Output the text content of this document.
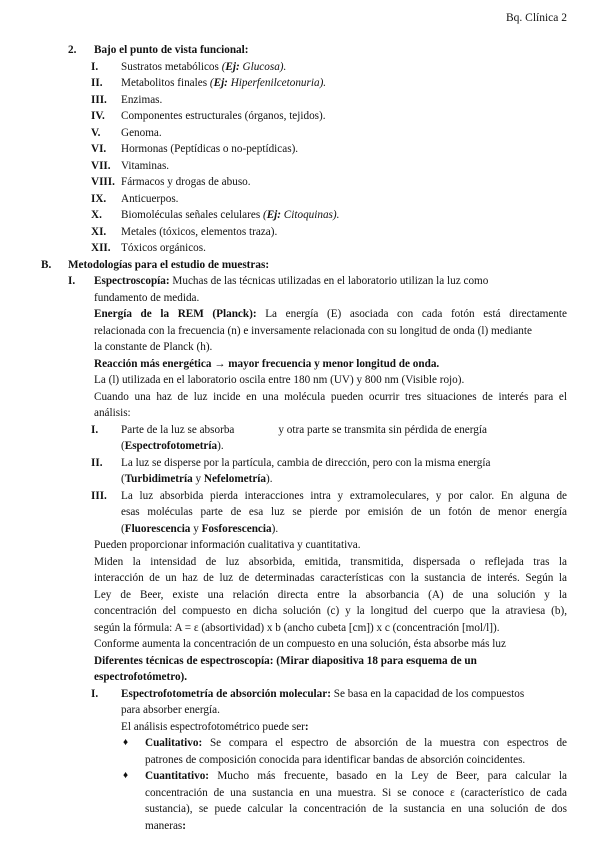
Bq. Clínica 2
2. Bajo el punto de vista funcional:
I. Sustratos metabólicos (Ej: Glucosa).
II. Metabolitos finales (Ej: Hiperfenilcetonuria).
III. Enzimas.
IV. Componentes estructurales (órganos, tejidos).
V. Genoma.
VI. Hormonas (Peptídicas o no-peptídicas).
VII. Vitaminas.
VIII. Fármacos y drogas de abuso.
IX. Anticuerpos.
X. Biomoléculas señales celulares (Ej: Citoquinas).
XI. Metales (tóxicos, elementos traza).
XII. Tóxicos orgánicos.
B. Metodologías para el estudio de muestras:
I. Espectroscopía: Muchas de las técnicas utilizadas en el laboratorio utilizan la luz como
fundamento de medida.
Energía de la REM (Planck): La energía (E) asociada con cada fotón está directamente
relacionada con la frecuencia (n) e inversamente relacionada con su longitud de onda (l) mediante
la constante de Planck (h).
Reacción más energética → mayor frecuencia y menor longitud de onda.
La (l) utilizada en el laboratorio oscila entre 180 nm (UV) y 800 nm (Visible rojo).
Cuando una haz de luz incide en una molécula pueden ocurrir tres situaciones de interés para el
análisis:
I. Parte de la luz se absorba	y otra parte se transmita sin pérdida de energía
(Espectrofotometría).
II. La luz se disperse por la partícula, cambia de dirección, pero con la misma energía
(Turbidimetría y Nefelometría).
III. La luz absorbida pierda interacciones intra y extramoleculares, y por calor. En alguna de
esas moléculas parte de esa luz se pierde por emisión de un fotón de menor energía
(Fluorescencia y Fosforescencia).
Pueden proporcionar información cualitativa y cuantitativa.
Miden la intensidad de luz absorbida, emitida, transmitida, dispersada o reflejada tras la
interacción de un haz de luz de determinadas características con la sustancia de interés. Según la
Ley de Beer, existe una relación directa entre la absorbancia (A) de una solución y la
concentración del compuesto en dicha solución (c) y la longitud del cuerpo que la atraviesa (b),
según la fórmula: A = ε (absortividad) x b (ancho cubeta [cm]) x c (concentración [mol/l]).
Conforme aumenta la concentración de un compuesto en una solución, ésta absorbe más luz
Diferentes técnicas de espectroscopía: (Mirar diapositiva 18 para esquema de un
espectrofotómetro).
I. Espectrofotometría de absorción molecular: Se basa en la capacidad de los compuestos
para absorber energía.
El análisis espectrofotométrico puede ser:
♦ Cualitativo: Se compara el espectro de absorción de la muestra con espectros de
patrones de composición conocida para identificar bandas de absorción coincidentes.
♦ Cuantitativo: Mucho más frecuente, basado en la Ley de Beer, para calcular la
concentración de una sustancia en una muestra. Si se conoce ε (característico de cada
sustancia), se puede calcular la concentración de la sustancia en una solución de dos
maneras:
